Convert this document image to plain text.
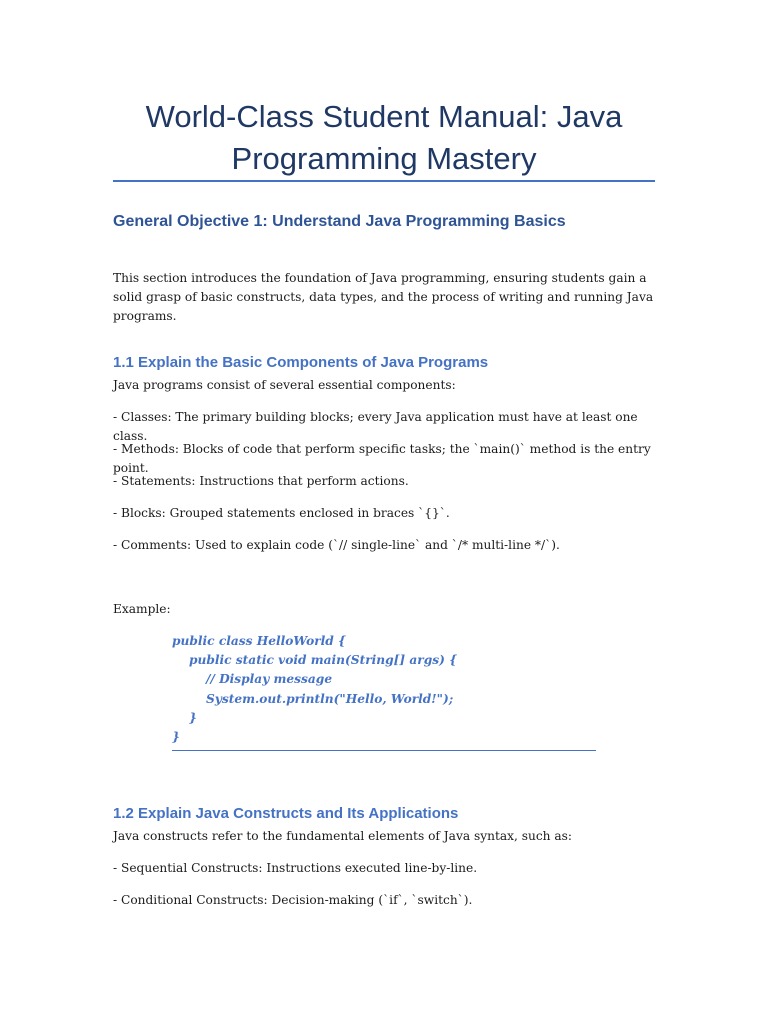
World-Class Student Manual: Java Programming Mastery
General Objective 1: Understand Java Programming Basics

This section introduces the foundation of Java programming, ensuring students gain a solid grasp of basic constructs, data types, and the process of writing and running Java programs.

1.1 Explain the Basic Components of Java Programs

Java programs consist of several essential components:

- Classes: The primary building blocks; every Java application must have at least one class.

- Methods: Blocks of code that perform specific tasks; the `main()` method is the entry point.

- Statements: Instructions that perform actions.

- Blocks: Grouped statements enclosed in braces `{}`.

- Comments: Used to explain code (`// single-line` and `/* multi-line */`).

Example:

public class HelloWorld {
public static void main(String[] args) {
// Display message
System.out.println("Hello, World!");
}
}
1.2 Explain Java Constructs and Its Applications

Java constructs refer to the fundamental elements of Java syntax, such as:

- Sequential Constructs: Instructions executed line-by-line.

- Conditional Constructs: Decision-making (`if`, `switch`).
